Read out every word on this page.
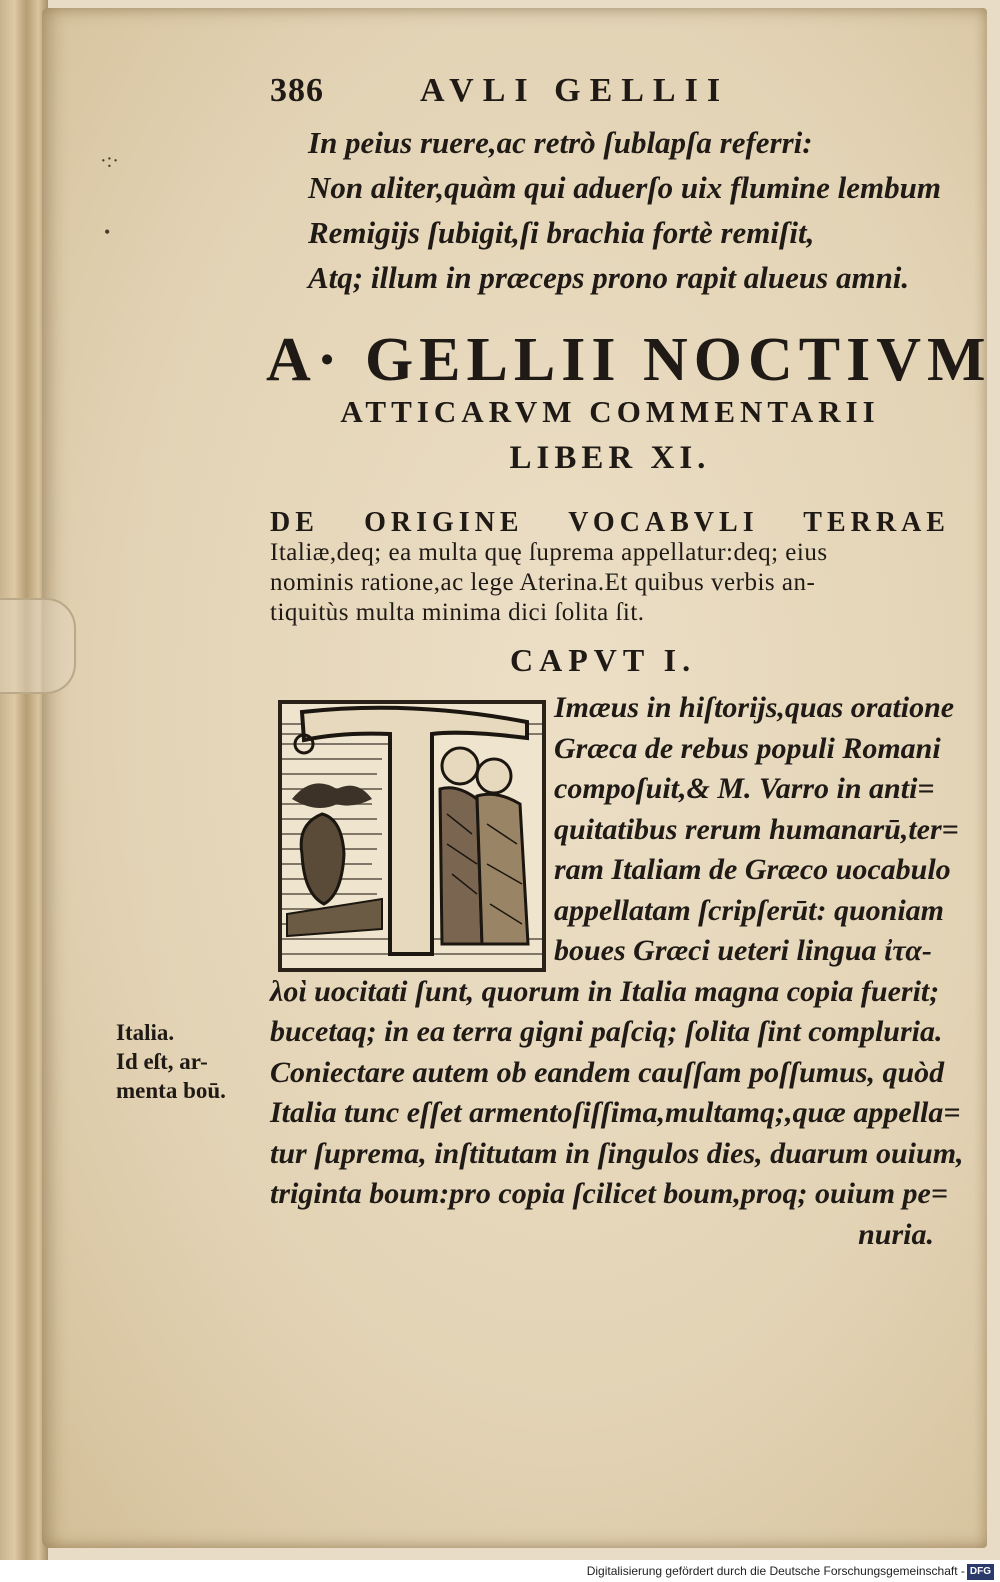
·:·
•
386	AVLI GELLII
In peius ruere,ac retrò ſublapſa referri:
Non aliter,quàm qui aduerſo uix flumine lembum
Remigijs ſubigit,ſi brachia fortè remiſit,
Atq; illum in præceps prono rapit alueus amni.
A· GELLII NOCTIVM
ATTICARVM COMMENTARII
LIBER XI.
DE ORIGINE VOCABVLI TERRAE
Italiæ,deq; ea multa quę ſuprema appellatur:deq; eius
nominis ratione,ac lege Aterina.Et quibus verbis an-
tiquitùs multa minima dici ſolita ſit.
CAPVT I.
Imæus in hiſtorijs,quas oratione
Græca de rebus populi Romani
compoſuit,& M. Varro in anti=
quitatibus rerum humanarū,ter=
ram Italiam de Græco uocabulo
appellatam ſcripſerūt: quoniam
boues Græci ueteri lingua ἰτα-
λοὶ uocitati ſunt, quorum in Italia magna copia fuerit;
bucetaq; in ea terra gigni paſciq; ſolita ſint compluria.
Coniectare autem ob eandem cauſſam poſſumus, quòd
Italia tunc eſſet armentoſiſſima,multamq;,quæ appella=
tur ſuprema, inſtitutam in ſingulos dies, duarum ouium,
triginta boum:pro copia ſcilicet boum,proq; ouium pe=
nuria.
Italia.
Id eſt, ar-
menta boū.
Digitalisierung gefördert durch die Deutsche Forschungsgemeinschaft - DFG
